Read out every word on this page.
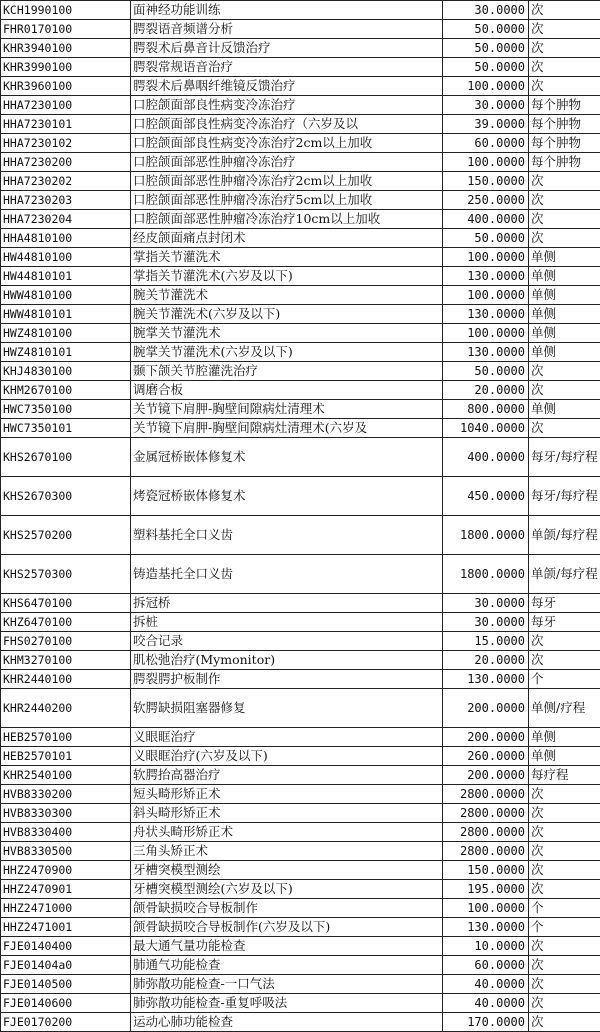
KCH1990100	面神经功能训练	30.0000	次
FHR0170100	腭裂语音频谱分析	50.0000	次
KHR3940100	腭裂术后鼻音计反馈治疗	50.0000	次
KHR3990100	腭裂常规语音治疗	50.0000	次
KHR3960100	腭裂术后鼻咽纤维镜反馈治疗	100.0000	次
HHA7230100	口腔颌面部良性病变冷冻治疗	30.0000	每个肿物
HHA7230101	口腔颌面部良性病变冷冻治疗（六岁及以	39.0000	每个肿物
HHA7230102	口腔颌面部良性病变冷冻治疗2cm以上加收	60.0000	每个肿物
HHA7230200	口腔颌面部恶性肿瘤冷冻治疗	100.0000	每个肿物
HHA7230202	口腔颌面部恶性肿瘤冷冻治疗2cm以上加收	150.0000	次
HHA7230203	口腔颌面部恶性肿瘤冷冻治疗5cm以上加收	250.0000	次
HHA7230204	口腔颌面部恶性肿瘤冷冻治疗10cm以上加收	400.0000	次
HHA4810100	经皮颌面痛点封闭术	50.0000	次
HW44810100	掌指关节灌洗术	100.0000	单侧
HW44810101	掌指关节灌洗术(六岁及以下)	130.0000	单侧
HWW4810100	腕关节灌洗术	100.0000	单侧
HWW4810101	腕关节灌洗术(六岁及以下)	130.0000	单侧
HWZ4810100	腕掌关节灌洗术	100.0000	单侧
HWZ4810101	腕掌关节灌洗术(六岁及以下)	130.0000	单侧
KHJ4830100	颞下颌关节腔灌洗治疗	50.0000	次
KHM2670100	调磨合板	20.0000	次
HWC7350100	关节镜下肩胛-胸壁间隙病灶清理术	800.0000	单侧
HWC7350101	关节镜下肩胛-胸壁间隙病灶清理术(六岁及	1040.0000	次
KHS2670100	金属冠桥嵌体修复术	400.0000	每牙/每疗程
KHS2670300	烤瓷冠桥嵌体修复术	450.0000	每牙/每疗程
KHS2570200	塑料基托全口义齿	1800.0000	单颌/每疗程
KHS2570300	铸造基托全口义齿	1800.0000	单颌/每疗程
KHS6470100	拆冠桥	30.0000	每牙
KHZ6470100	拆桩	30.0000	每牙
FHS0270100	咬合记录	15.0000	次
KHM3270100	肌松弛治疗(Mymonitor)	20.0000	次
KHR2440100	腭裂腭护板制作	130.0000	个
KHR2440200	软腭缺损阻塞器修复	200.0000	单侧/疗程
HEB2570100	义眼眶治疗	200.0000	单侧
HEB2570101	义眼眶治疗(六岁及以下)	260.0000	单侧
KHR2540100	软腭抬高器治疗	200.0000	每疗程
HVB8330200	短头畸形矫正术	2800.0000	次
HVB8330300	斜头畸形矫正术	2800.0000	次
HVB8330400	舟状头畸形矫正术	2800.0000	次
HVB8330500	三角头矫正术	2800.0000	次
HHZ2470900	牙槽突模型测绘	150.0000	次
HHZ2470901	牙槽突模型测绘(六岁及以下)	195.0000	次
HHZ2471000	颌骨缺损咬合导板制作	100.0000	个
HHZ2471001	颌骨缺损咬合导板制作(六岁及以下)	130.0000	个
FJE0140400	最大通气量功能检查	10.0000	次
FJE01404a0	肺通气功能检查	60.0000	次
FJE0140500	肺弥散功能检查-一口气法	40.0000	次
FJE0140600	肺弥散功能检查-重复呼吸法	40.0000	次
FJE0170200	运动心肺功能检查	170.0000	次
